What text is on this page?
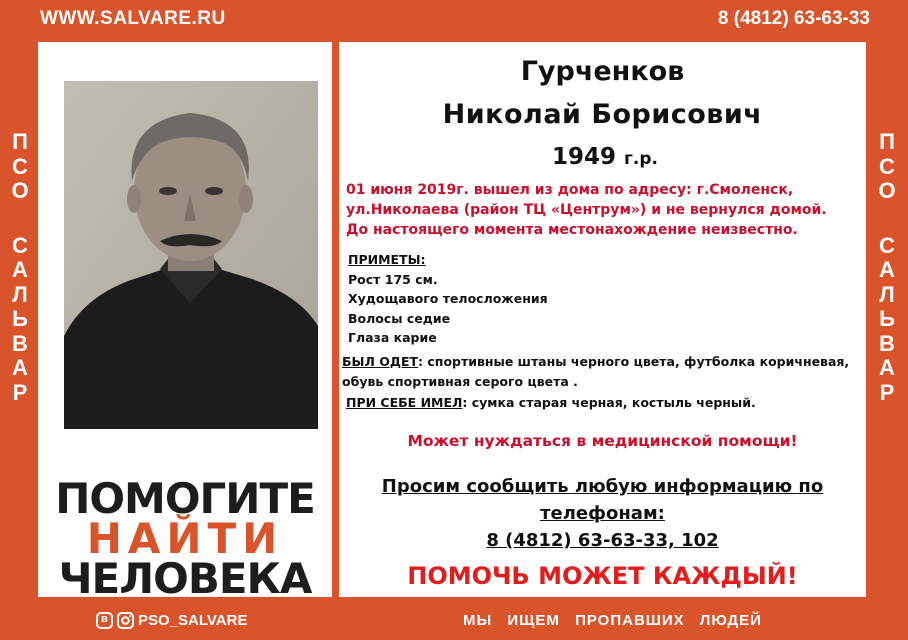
WWW.SALVARE.RU	8 (4812) 63-63-33
П
С
О
С
А
Л
Ь
В
А
Р
П
С
О
С
А
Л
Ь
В
А
Р
ПОМОГИТЕ
НАЙТИ
ЧЕЛОВЕКА
Гурченков
Николай Борисович
1949 г.р.
01 июня 2019г. вышел из дома по адресу: г.Смоленск,
ул.Николаева (район ТЦ «Центрум») и не вернулся домой.
До настоящего момента местонахождение неизвестно.
ПРИМЕТЫ:
Рост 175 см.
Худощавого телосложения
Волосы седие
Глаза карие
БЫЛ ОДЕТ: спортивные штаны черного цвета, футболка коричневая,
обувь спортивная серого цвета .
ПРИ СЕБЕ ИМЕЛ: сумка старая черная, костыль черный.
Может нуждаться в медицинской помощи!
Просим сообщить любую информацию по
телефонам:
8 (4812) 63-63-33, 102
ПОМОЧЬ МОЖЕТ КАЖДЫЙ!
в PSO_SALVARE	МЫ ИЩЕМ ПРОПАВШИХ ЛЮДЕЙ
